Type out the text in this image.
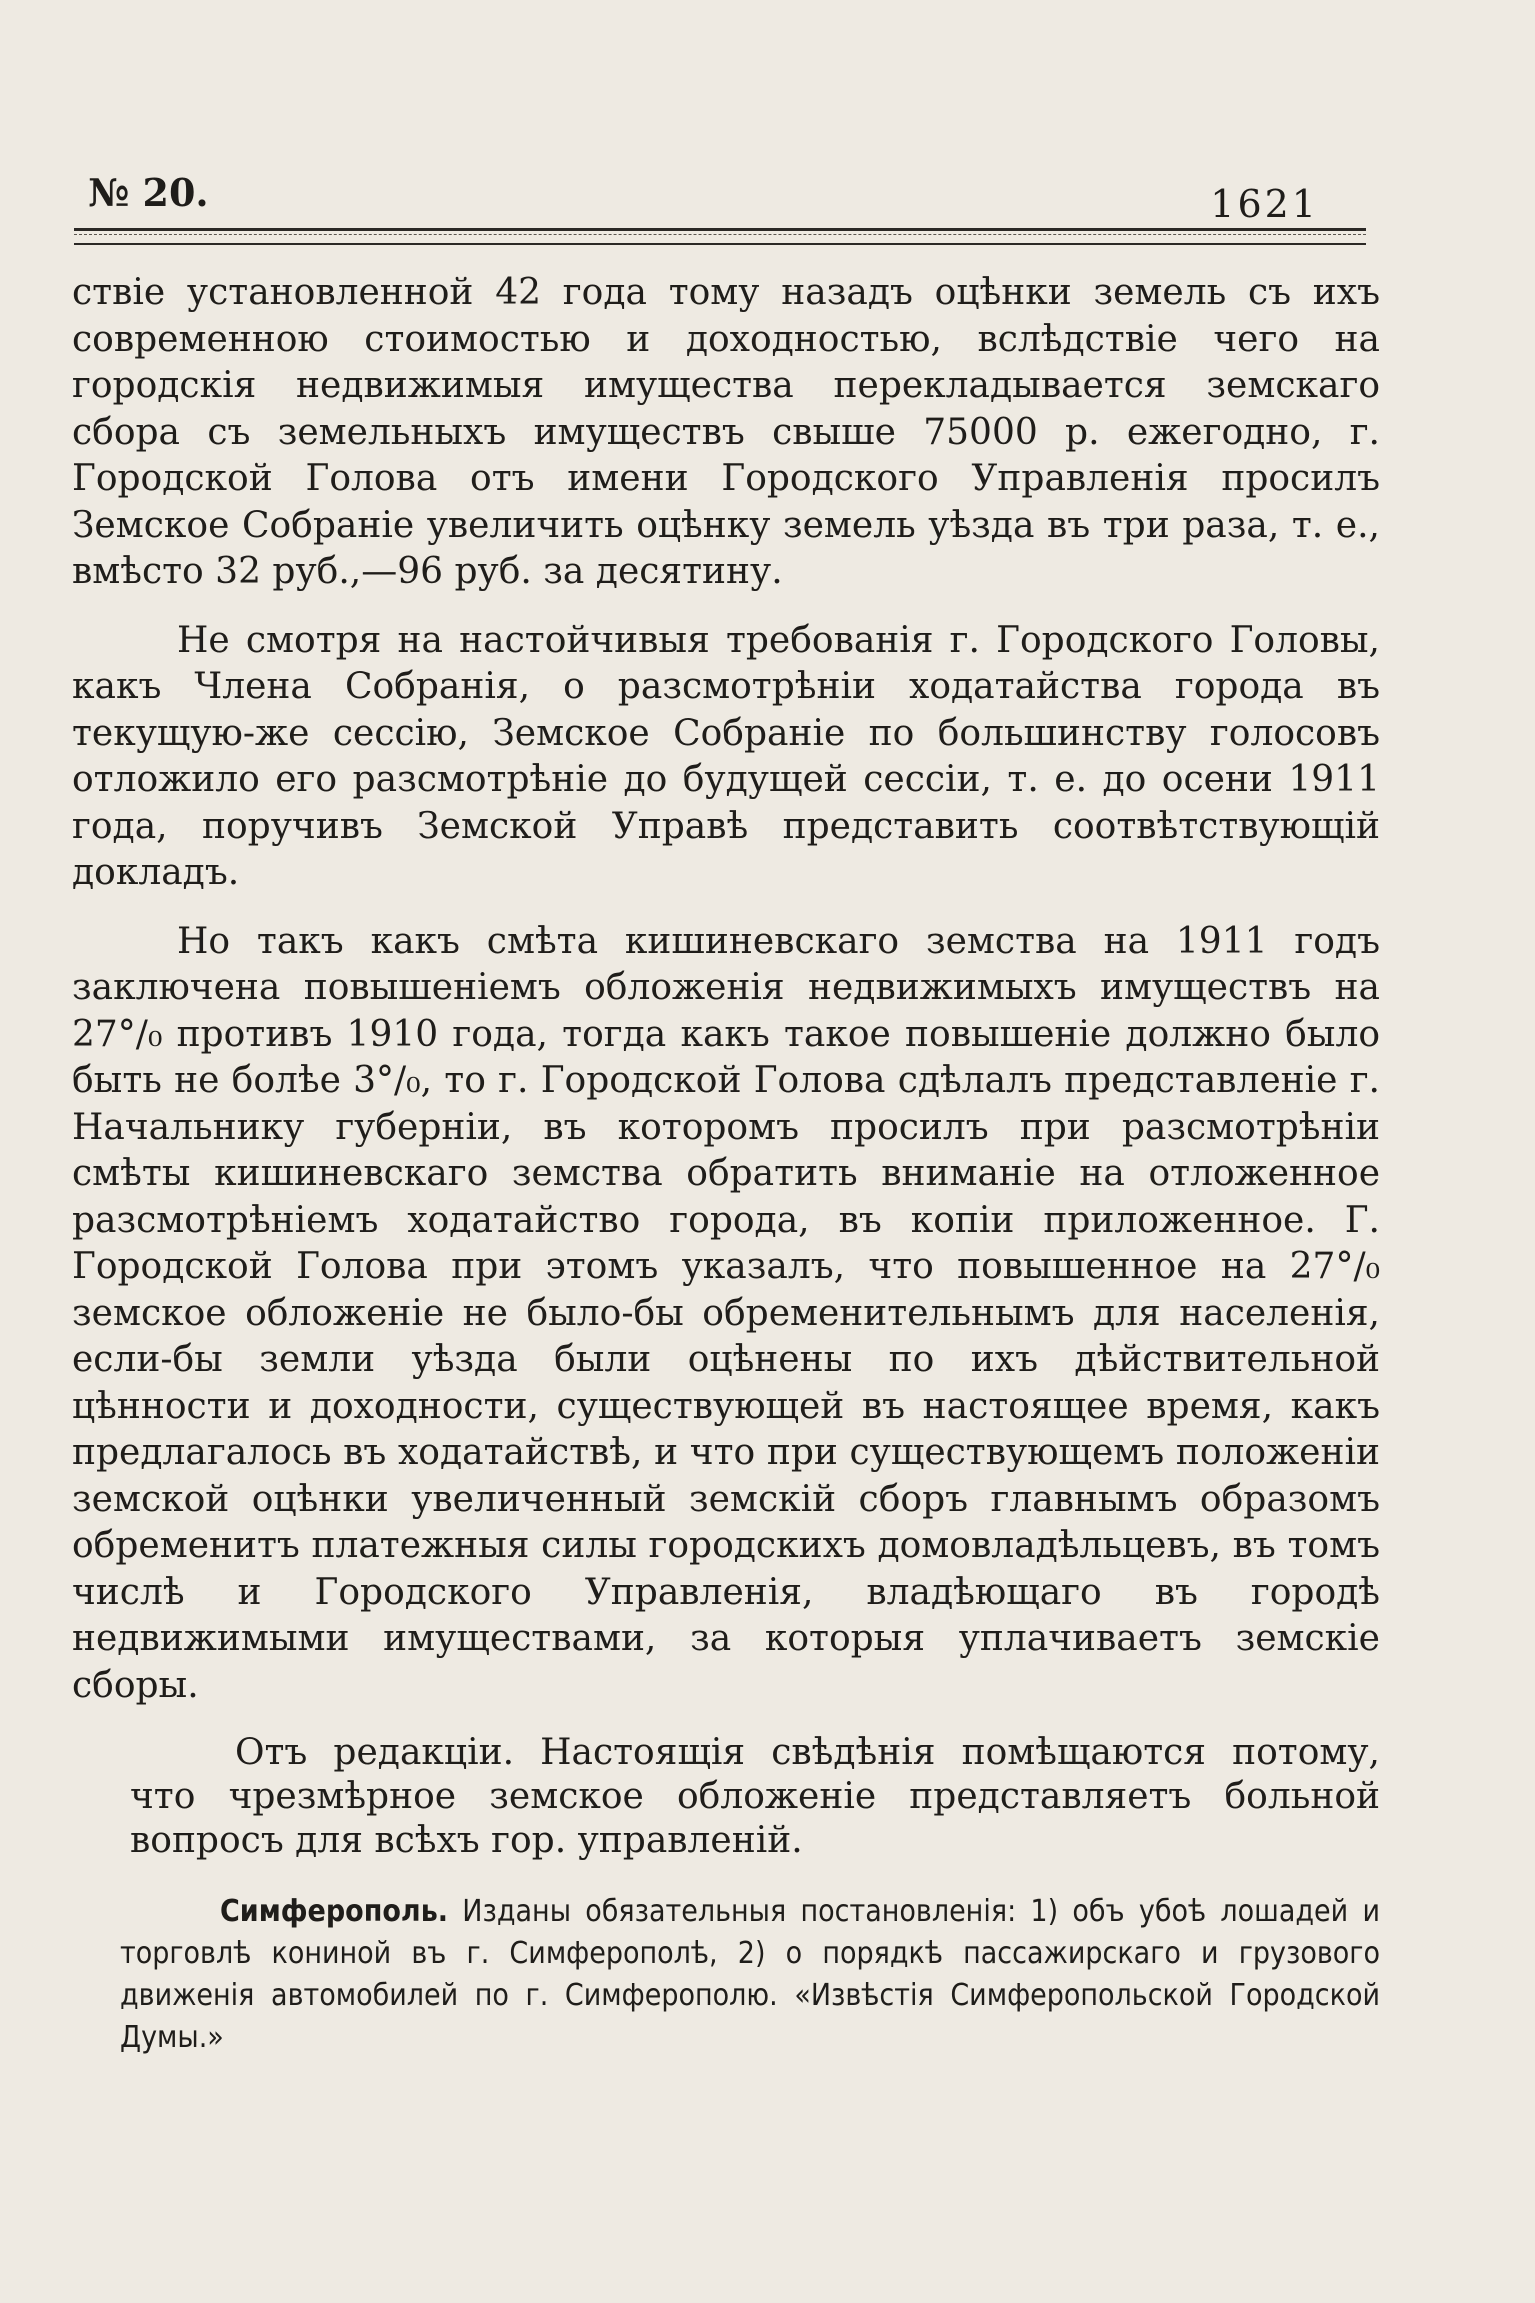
№ 20.	1621

ствіе установленной 42 года тому назадъ оцѣнки земель съ ихъ современною стоимостью и доходностью, вслѣдствіе чего на городскія недвижимыя имущества перекладывается земскаго сбора съ земельныхъ имуществъ свыше 75000 р. ежегодно, г. Городской Голова отъ имени Городского Управленія просилъ Земское Собраніе увеличить оцѣнку земель уѣзда въ три раза, т. е., вмѣсто 32 руб.,—96 руб. за десятину.

Не смотря на настойчивыя требованія г. Городского Головы, какъ Члена Собранія, о разсмотрѣніи ходатайства города въ текущую-же сессію, Земское Собраніе по большинству голосовъ отложило его разсмотрѣніе до будущей сессіи, т. е. до осени 1911 года, поручивъ Земской Управѣ представить соотвѣтствующій докладъ.

Но такъ какъ смѣта кишиневскаго земства на 1911 годъ заключена повышеніемъ обложенія недвижимыхъ имуществъ на 27°/₀ противъ 1910 года, тогда какъ такое повышеніе должно было быть не болѣе 3°/₀, то г. Городской Голова сдѣлалъ представленіе г. Начальнику губерніи, въ которомъ просилъ при разсмотрѣніи смѣты кишиневскаго земства обратить вниманіе на отложенное разсмотрѣніемъ ходатайство города, въ копіи приложенное. Г. Городской Голова при этомъ указалъ, что повышенное на 27°/₀ земское обложеніе не было-бы обременительнымъ для населенія, если-бы земли уѣзда были оцѣнены по ихъ дѣйствительной цѣнности и доходности, существующей въ настоящее время, какъ предлагалось въ ходатайствѣ, и что при существующемъ положеніи земской оцѣнки увеличенный земскій сборъ главнымъ образомъ обременитъ платежныя силы городскихъ домовладѣльцевъ, въ томъ числѣ и Городского Управленія, владѣющаго въ городѣ недвижимыми имуществами, за которыя уплачиваетъ земскіе сборы.

Отъ редакціи. Настоящія свѣдѣнія помѣщаются потому, что чрезмѣрное земское обложеніе представляетъ больной вопросъ для всѣхъ гор. управленій.

Симферополь. Изданы обязательныя постановленія: 1) объ убоѣ лошадей и торговлѣ кониной въ г. Симферополѣ, 2) о порядкѣ пассажирскаго и грузового движенія автомобилей по г. Симферополю. «Извѣстія Симферопольской Городской Думы.»
